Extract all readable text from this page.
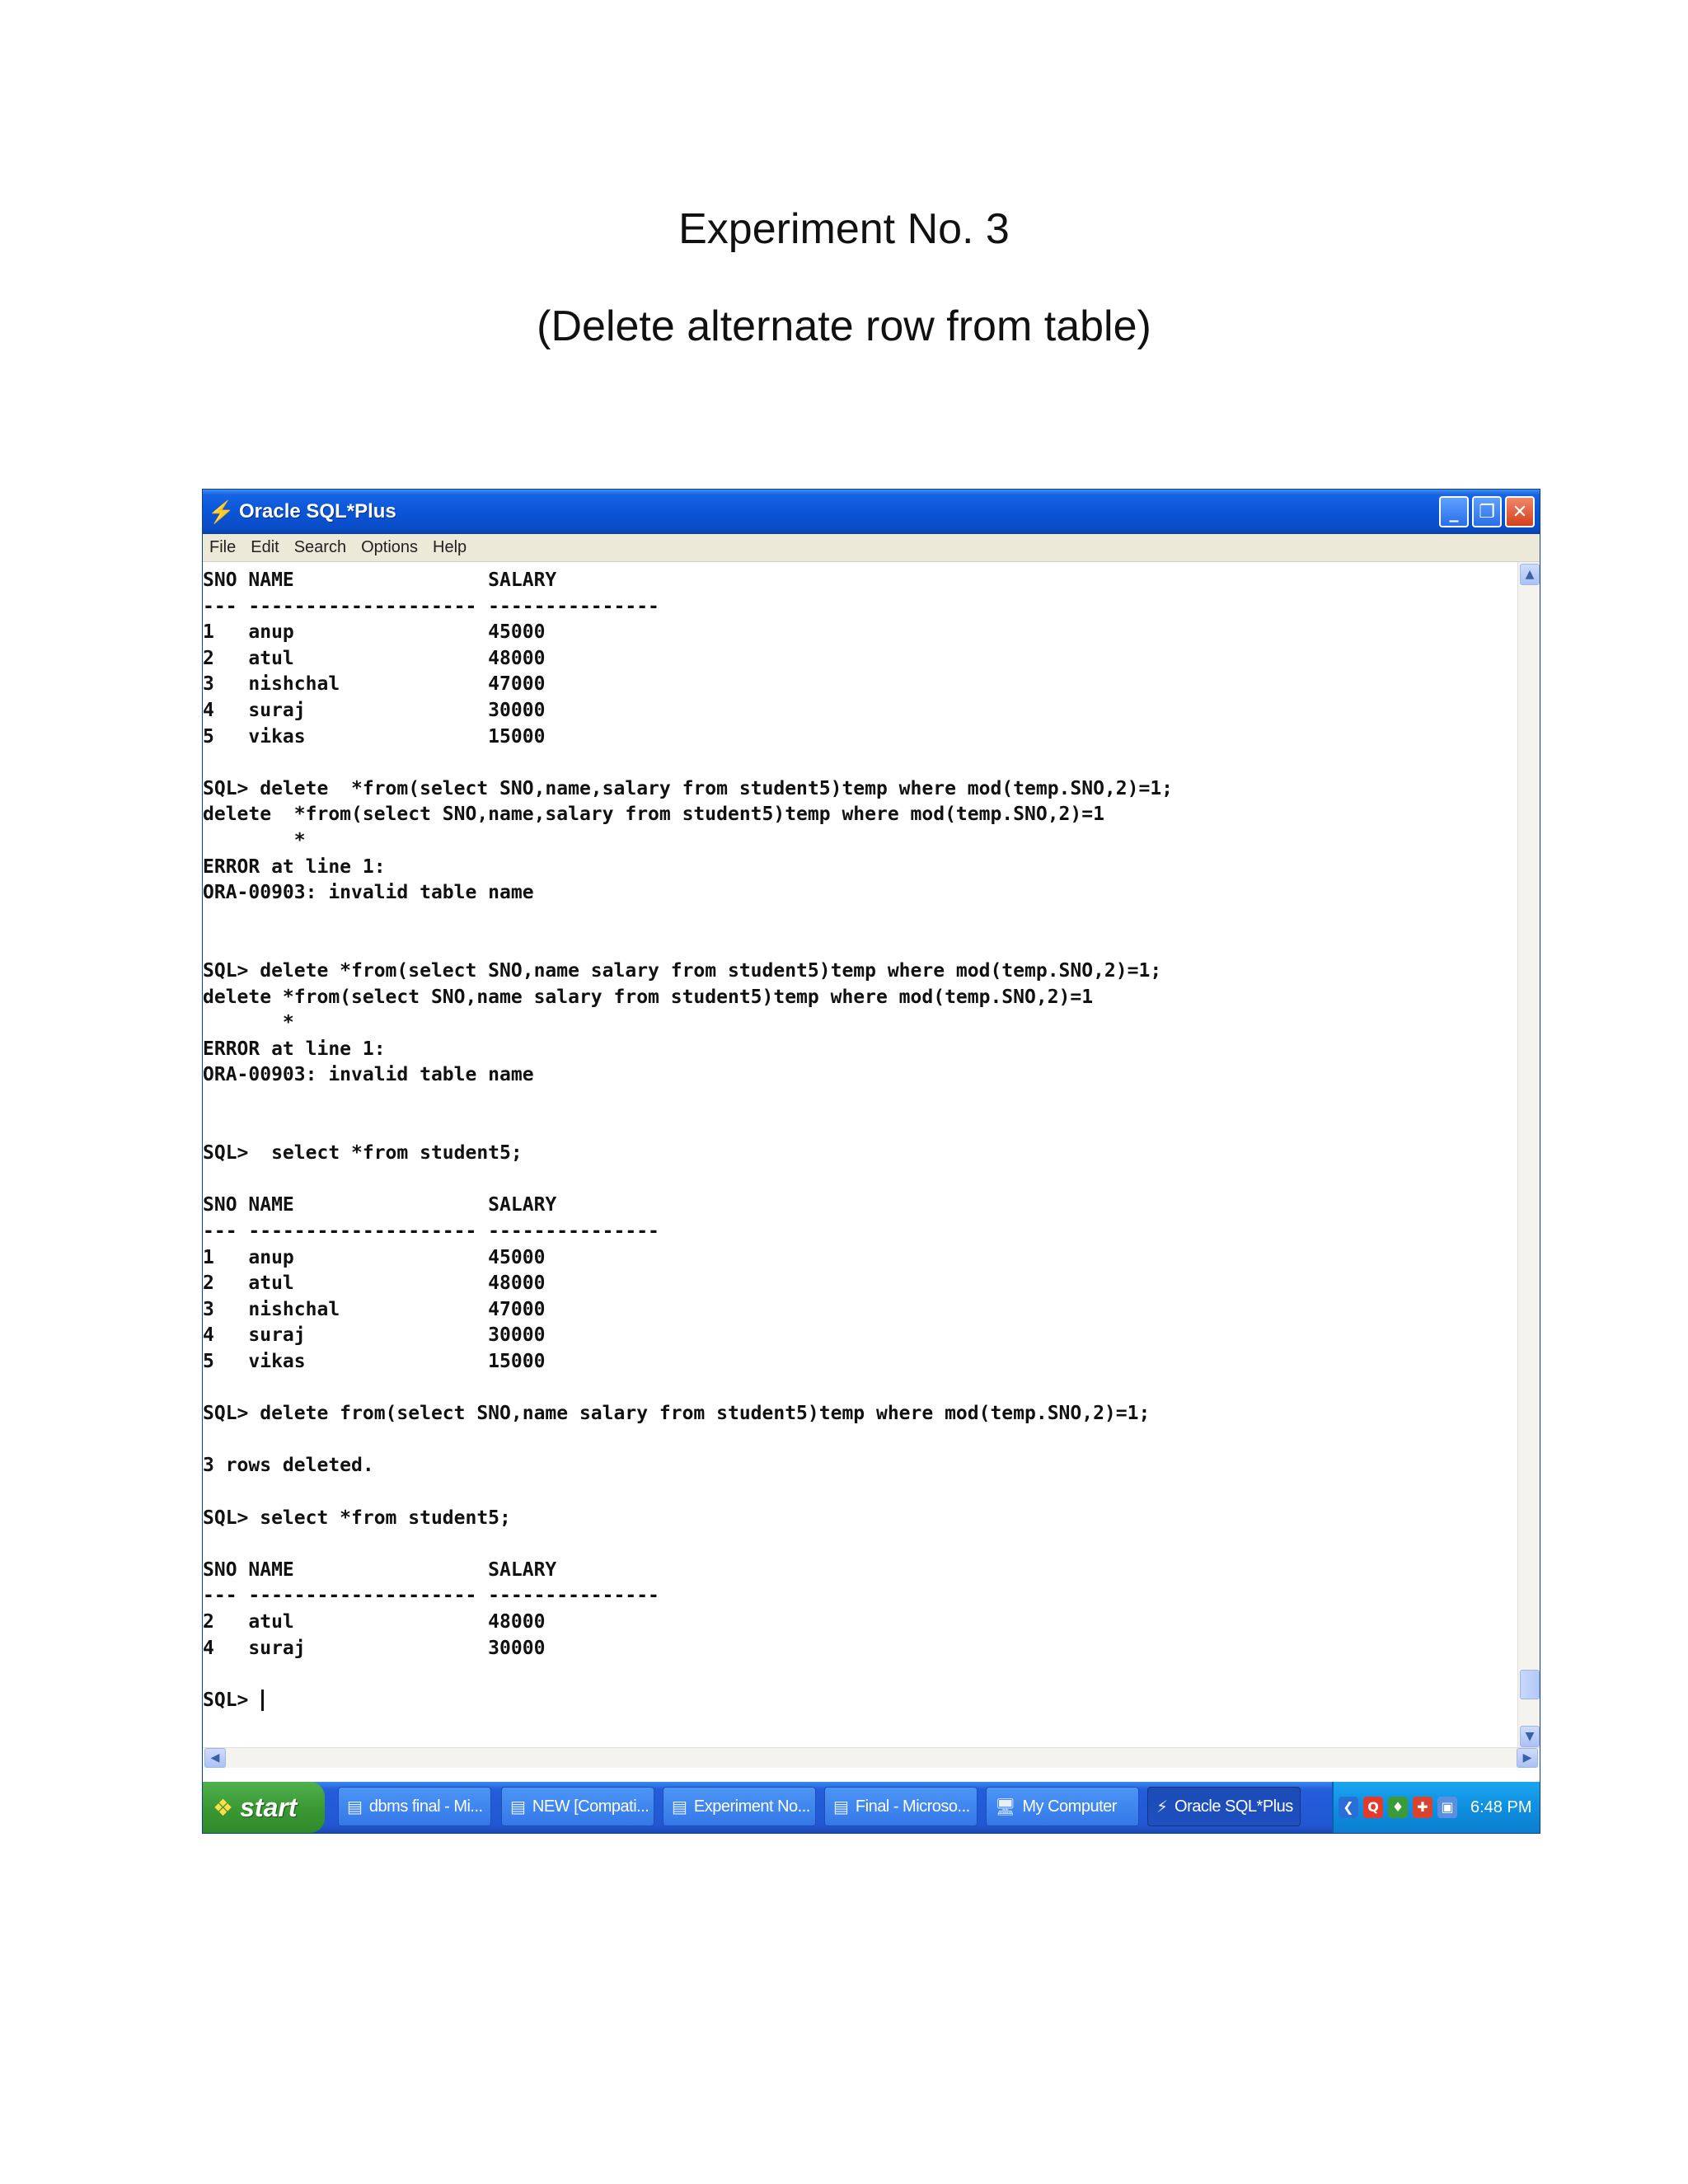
Experiment No. 3
(Delete alternate row from table)
⚡ Oracle SQL*Plus	_	❐ ✕
File Edit Search Options Help
SNO NAME                 SALARY
--- -------------------- ---------------
1   anup                 45000
2   atul                 48000
3   nishchal             47000
4   suraj                30000
5   vikas                15000
SQL> delete  *from(select SNO,name,salary from student5)temp where mod(temp.SNO,2)=1;
delete  *from(select SNO,name,salary from student5)temp where mod(temp.SNO,2)=1
*
ERROR at line 1:
ORA-00903: invalid table name
SQL> delete *from(select SNO,name salary from student5)temp where mod(temp.SNO,2)=1;
delete *from(select SNO,name salary from student5)temp where mod(temp.SNO,2)=1
*
ERROR at line 1:
ORA-00903: invalid table name
SQL>  select *from student5;
SNO NAME                 SALARY
--- -------------------- ---------------
1   anup                 45000
2   atul                 48000
3   nishchal             47000
4   suraj                30000
5   vikas                15000
SQL> delete from(select SNO,name salary from student5)temp where mod(temp.SNO,2)=1;
3 rows deleted.
SQL> select *from student5;
SNO NAME                 SALARY
--- -------------------- ---------------
2   atul                 48000
4   suraj                30000
SQL>
▲
▼
◀	▶
❖ start	▤ dbms final - Mi... ▤ NEW [Compati... ▤ Experiment No... ▤ Final - Microso... 🖥 My Computer ⚡ Oracle SQL*Plus	❮	Q	♦	✚ ▣ 6:48 PM
